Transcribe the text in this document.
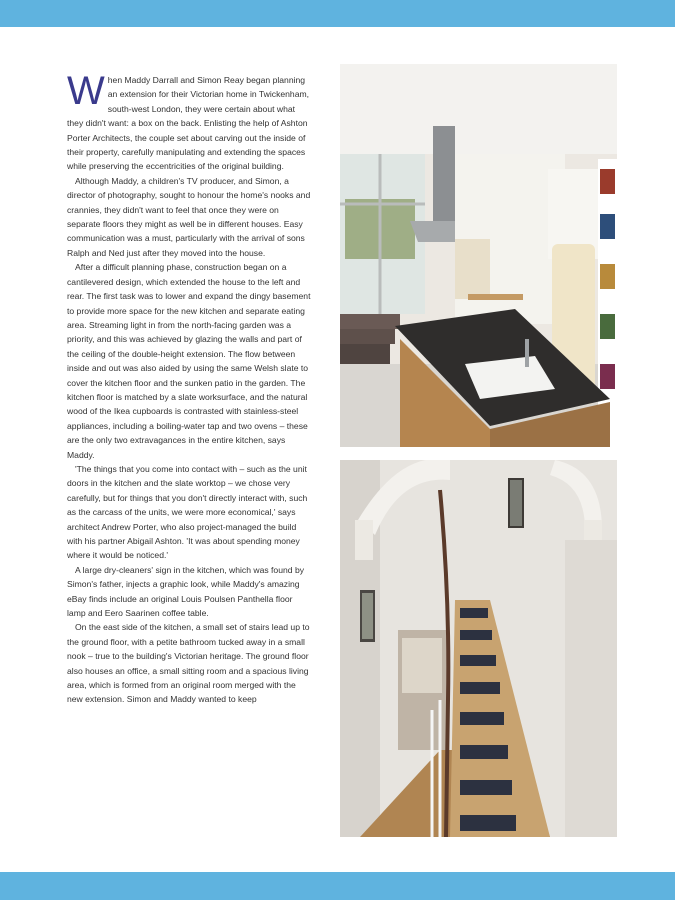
When Maddy Darrall and Simon Reay began planning an extension for their Victorian home in Twickenham, south-west London, they were certain about what they didn't want: a box on the back. Enlisting the help of Ashton Porter Architects, the couple set about carving out the inside of their property, carefully manipulating and extending the spaces while preserving the eccentricities of the original building.

Although Maddy, a children's TV producer, and Simon, a director of photography, sought to honour the home's nooks and crannies, they didn't want to feel that once they were on separate floors they might as well be in different houses. Easy communication was a must, particularly with the arrival of sons Ralph and Ned just after they moved into the house.

After a difficult planning phase, construction began on a cantilevered design, which extended the house to the left and rear. The first task was to lower and expand the dingy basement to provide more space for the new kitchen and separate eating area. Streaming light in from the north-facing garden was a priority, and this was achieved by glazing the walls and part of the ceiling of the double-height extension. The flow between inside and out was also aided by using the same Welsh slate to cover the kitchen floor and the sunken patio in the garden. The kitchen floor is matched by a slate worksurface, and the natural wood of the Ikea cupboards is contrasted with stainless-steel appliances, including a boiling-water tap and two ovens – these are the only two extravagances in the entire kitchen, says Maddy.

'The things that you come into contact with – such as the unit doors in the kitchen and the slate worktop – we chose very carefully, but for things that you don't directly interact with, such as the carcass of the units, we were more economical,' says architect Andrew Porter, who also project-managed the build with his partner Abigail Ashton. 'It was about spending money where it would be noticed.'

A large dry-cleaners' sign in the kitchen, which was found by Simon's father, injects a graphic look, while Maddy's amazing eBay finds include an original Louis Poulsen Panthella floor lamp and Eero Saarinen coffee table.

On the east side of the kitchen, a small set of stairs lead up to the ground floor, with a petite bathroom tucked away in a small nook – true to the building's Victorian heritage. The ground floor also houses an office, a small sitting room and a spacious living area, which is formed from an original room merged with the new extension. Simon and Maddy wanted to keep
